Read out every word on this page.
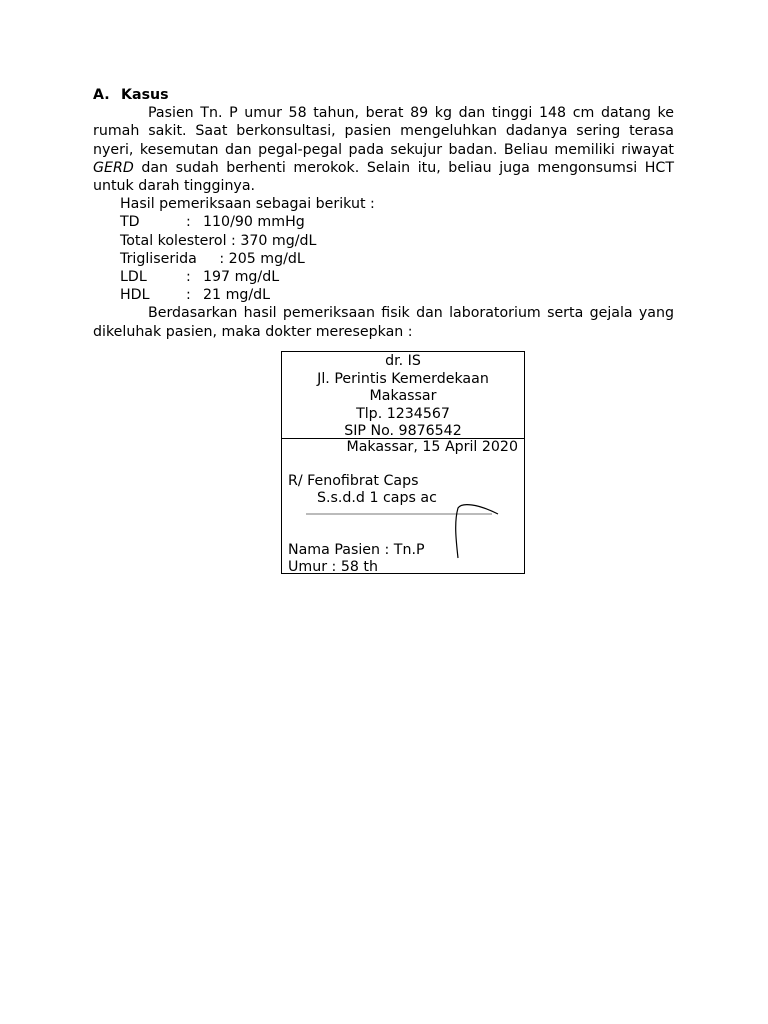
A. Kasus

Pasien Tn. P umur 58 tahun, berat 89 kg dan tinggi 148 cm datang ke rumah sakit. Saat berkonsultasi, pasien mengeluhkan dadanya sering terasa nyeri, kesemutan dan pegal-pegal pada sekujur badan. Beliau memiliki riwayat GERD dan sudah berhenti merokok. Selain itu, beliau juga mengonsumsi HCT untuk darah tingginya.

Hasil pemeriksaan sebagai berikut :
TD	: 110/90 mmHg
Total kolesterol : 370 mg/dL
Trigliserida     : 205 mg/dL
LDL	: 197 mg/dL
HDL	: 21 mg/dL

Berdasarkan hasil pemeriksaan fisik dan laboratorium serta gejala yang dikeluhak pasien, maka dokter meresepkan :

dr. IS
Jl. Perintis Kemerdekaan
Makassar
Tlp. 1234567
SIP No. 9876542
Makassar, 15 April 2020
R/ Fenofibrat Caps
S.s.d.d 1 caps ac
Nama Pasien : Tn.P
Umur : 58 th
